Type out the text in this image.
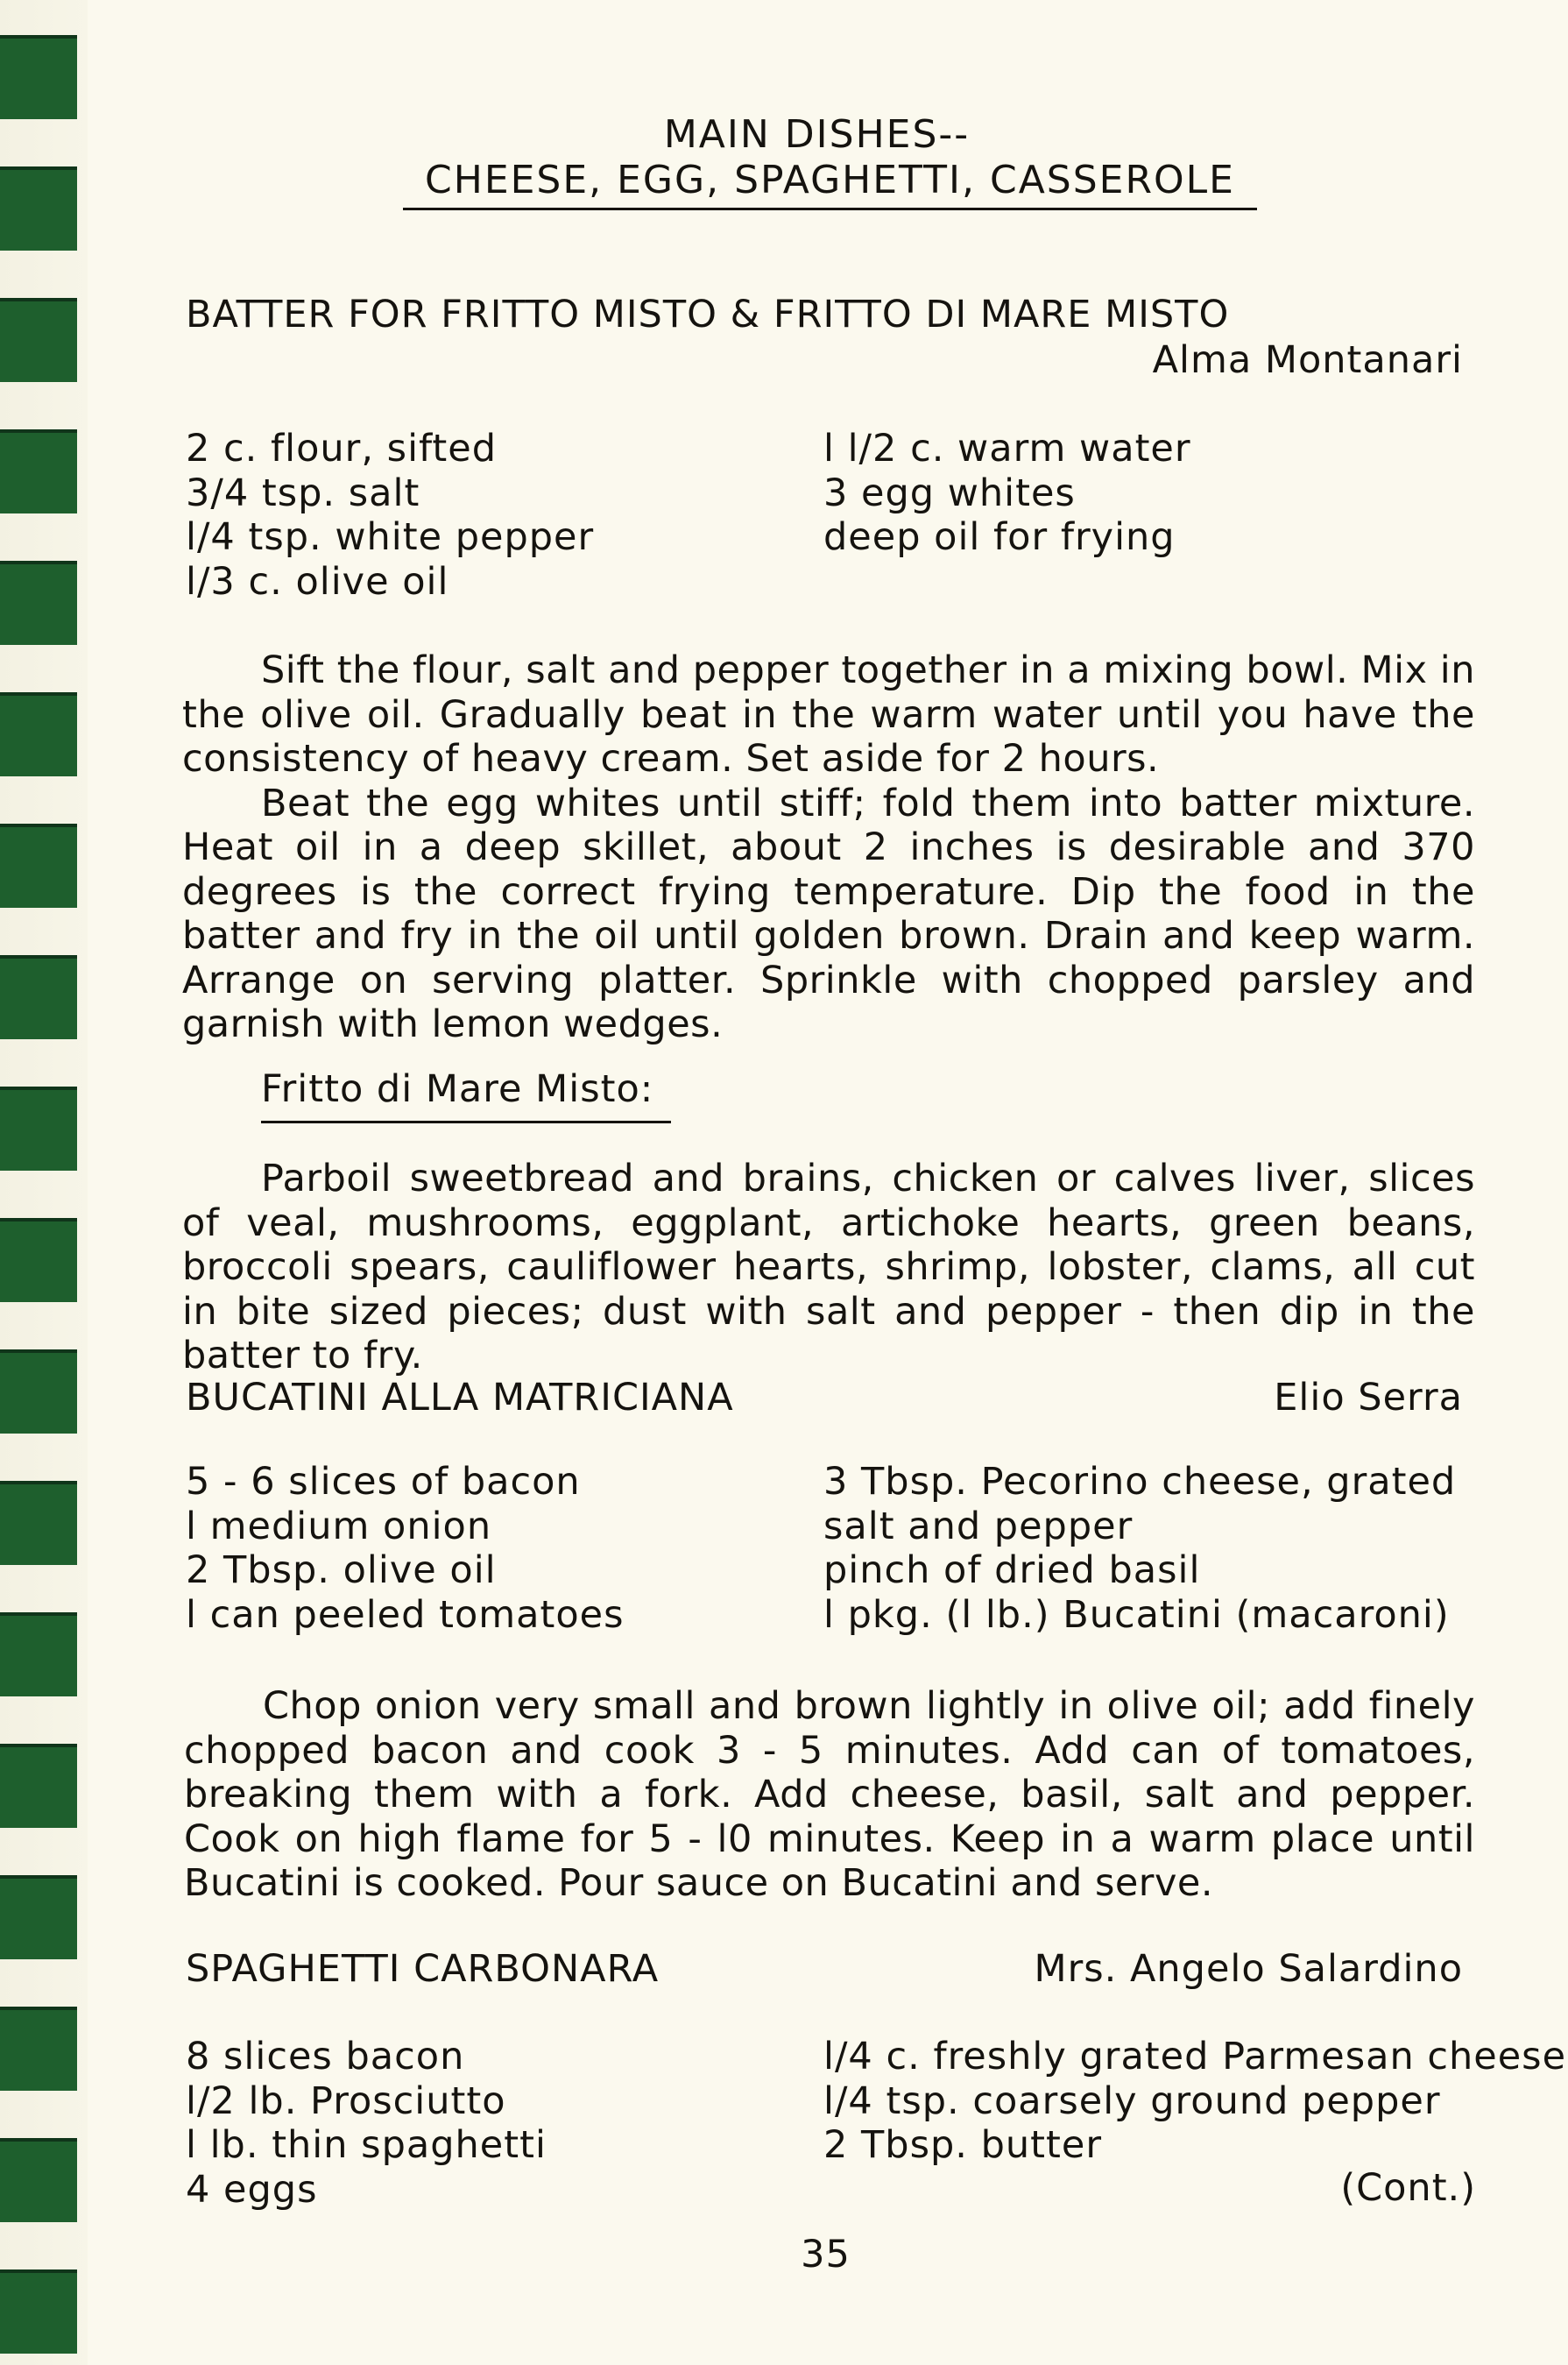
MAIN DISHES--
CHEESE, EGG, SPAGHETTI, CASSEROLE
BATTER FOR FRITTO MISTO & FRITTO DI MARE MISTO
Alma Montanari
2 c. flour, sifted
3/4 tsp. salt
l/4 tsp. white pepper
l/3 c. olive oil
l l/2 c. warm water
3 egg whites
deep oil for frying

Sift the flour, salt and pepper together in a mixing bowl. Mix in the olive oil. Gradually beat in the warm water until you have the consistency of heavy cream. Set aside for 2 hours.

Beat the egg whites until stiff; fold them into batter mixture. Heat oil in a deep skillet, about 2 inches is desirable and 370 degrees is the correct frying temperature. Dip the food in the batter and fry in the oil until golden brown. Drain and keep warm. Arrange on serving platter. Sprinkle with chopped parsley and garnish with lemon wedges.

Fritto di Mare Misto:

Parboil sweetbread and brains, chicken or calves liver, slices of veal, mushrooms, eggplant, artichoke hearts, green beans, broccoli spears, cauliflower hearts, shrimp, lobster, clams, all cut in bite sized pieces; dust with salt and pepper - then dip in the batter to fry.

BUCATINI ALLA MATRICIANA	Elio Serra
5 - 6 slices of bacon
l medium onion
2 Tbsp. olive oil
l can peeled tomatoes
3 Tbsp. Pecorino cheese, grated
salt and pepper
pinch of dried basil
l pkg. (l lb.) Bucatini (macaroni)

Chop onion very small and brown lightly in olive oil; add finely chopped bacon and cook 3 - 5 minutes. Add can of tomatoes, breaking them with a fork. Add cheese, basil, salt and pepper. Cook on high flame for 5 - l0 minutes. Keep in a warm place until Bucatini is cooked. Pour sauce on Bucatini and serve.

SPAGHETTI CARBONARA	Mrs. Angelo Salardino
8 slices bacon
l/2 lb. Prosciutto
l lb. thin spaghetti
4 eggs
l/4 c. freshly grated Parmesan cheese
l/4 tsp. coarsely ground pepper
2 Tbsp. butter
(Cont.)
35
